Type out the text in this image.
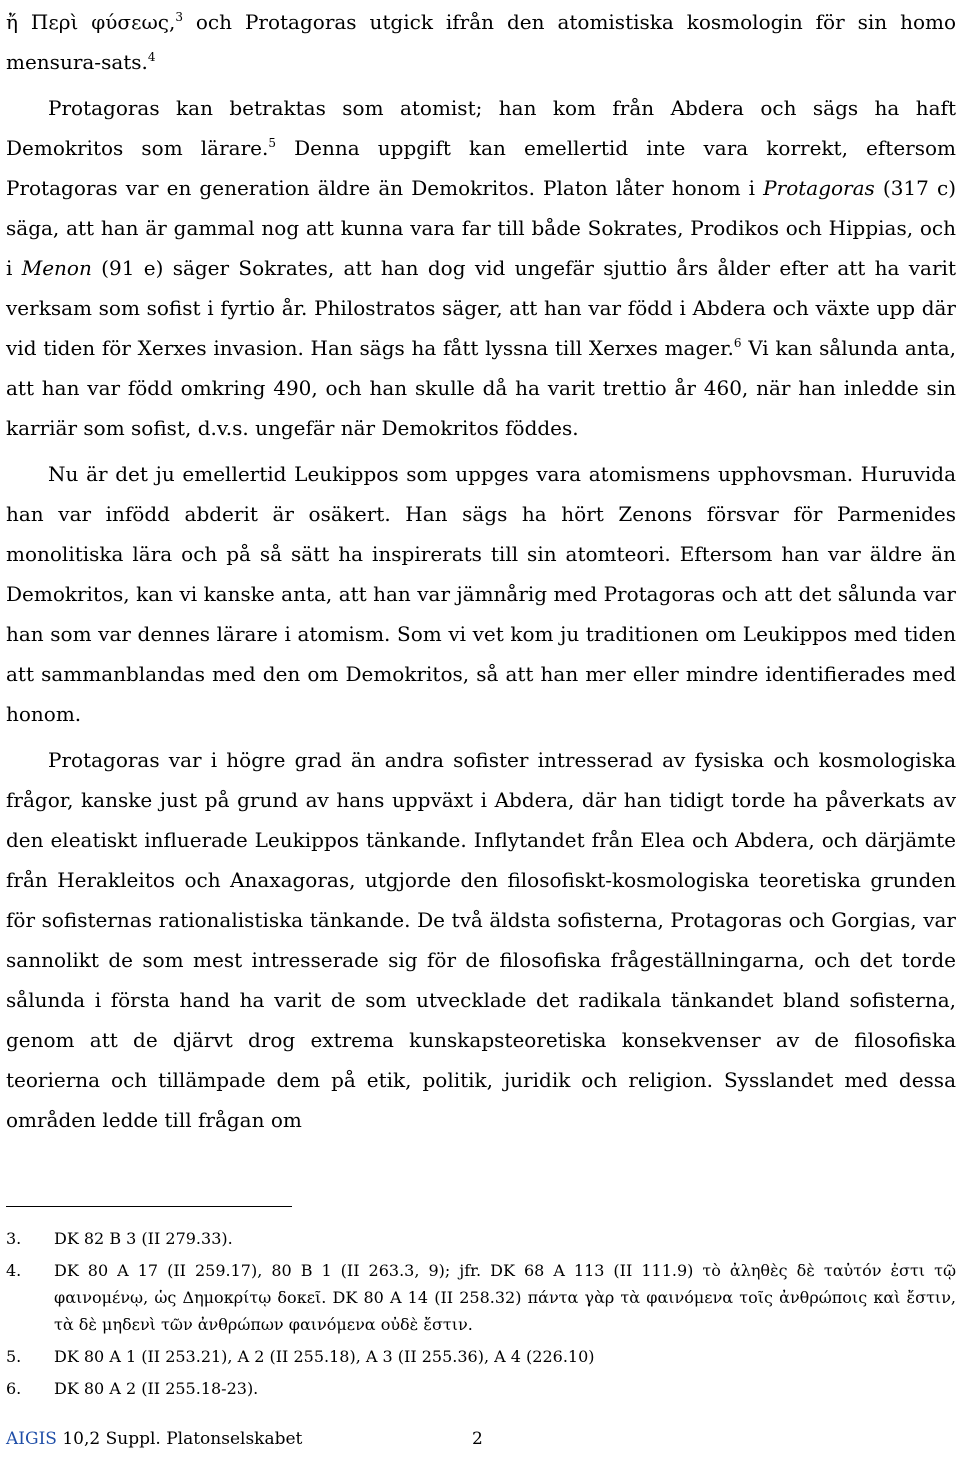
ἤ Περὶ φύσεως,$^3$ och Protagoras utgick ifrån den atomistiska kosmologin för sin homo mensura-sats.$^4$

Protagoras kan betraktas som atomist; han kom från Abdera och sägs ha haft Demokritos som lärare.$^5$ Denna uppgift kan emellertid inte vara korrekt, eftersom Protagoras var en generation äldre än Demokritos. Platon låter honom i Protagoras (317 c) säga, att han är gammal nog att kunna vara far till både Sokrates, Prodikos och Hippias, och i Menon (91 e) säger Sokrates, att han dog vid ungefär sjuttio års ålder efter att ha varit verksam som sofist i fyrtio år. Philostratos säger, att han var född i Abdera och växte upp där vid tiden för Xerxes invasion. Han sägs ha fått lyssna till Xerxes mager.$^6$ Vi kan sålunda anta, att han var född omkring 490, och han skulle då ha varit trettio år 460, när han inledde sin karriär som sofist, d.v.s. ungefär när Demokritos föddes.

Nu är det ju emellertid Leukippos som uppges vara atomismens upphovsman. Huruvida han var infödd abderit är osäkert. Han sägs ha hört Zenons försvar för Parmenides monolitiska lära och på så sätt ha inspirerats till sin atomteori. Eftersom han var äldre än Demokritos, kan vi kanske anta, att han var jämnårig med Protagoras och att det sålunda var han som var dennes lärare i atomism. Som vi vet kom ju traditionen om Leukippos med tiden att sammanblandas med den om Demokritos, så att han mer eller mindre identifierades med honom.

Protagoras var i högre grad än andra sofister intresserad av fysiska och kosmologiska frågor, kanske just på grund av hans uppväxt i Abdera, där han tidigt torde ha påverkats av den eleatiskt influerade Leukippos tänkande. Inflytandet från Elea och Abdera, och därjämte från Herakleitos och Anaxagoras, utgjorde den filosofiskt-kosmologiska teoretiska grunden för sofisternas rationalistiska tänkande. De två äldsta sofisterna, Protagoras och Gorgias, var sannolikt de som mest intresserade sig för de filosofiska frågeställningarna, och det torde sålunda i första hand ha varit de som utvecklade det radikala tänkandet bland sofisterna, genom att de djärvt drog extrema kunskapsteoretiska konsekvenser av de filosofiska teorierna och tillämpade dem på etik, politik, juridik och religion. Sysslandet med dessa områden ledde till frågan om

3.	DK 82 B 3 (II 279.33).
4.	DK 80 A 17 (II 259.17), 80 B 1 (II 263.3, 9); jfr. DK 68 A 113 (II 111.9) τὸ ἀληθὲς δὲ ταὐτόν ἐστι τῷ φαινομένῳ, ὡς Δημοκρίτῳ δοκεῖ. DK 80 A 14 (II 258.32) πάντα γὰρ τὰ φαινόμενα τοῖς ἀνθρώποις καὶ ἔστιν, τὰ δὲ μηδενὶ τῶν ἀνθρώπων φαινόμενα οὐδὲ ἔστιν.
5.	DK 80 A 1 (II 253.21), A 2 (II 255.18), A 3 (II 255.36), A 4 (226.10)
6.	DK 80 A 2 (II 255.18-23).
AIGIS 10,2 Suppl. Platonselskabet	2
